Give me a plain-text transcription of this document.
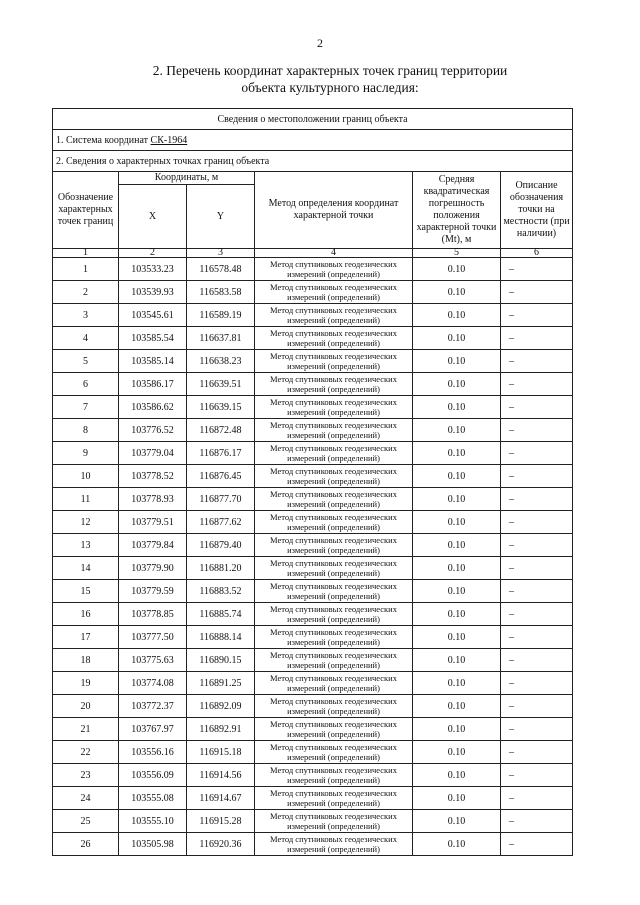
2
2. Перечень координат характерных точек границ территории
объекта культурного наследия:
Сведения о местоположении границ объекта					
1. Система координат СК-1964					
2. Сведения о характерных точках границ объекта					
Обозначение характерных точек границ	Координаты, м		Метод определения координат характерной точки	Средняя квадратическая погрешность положения характерной точки (Mt), м	Описание обозначения точки на местности (при наличии)
	X	Y			
1	2	3	4	5	6
1	103533.23	116578.48	Метод спутниковых геодезических измерений (определений)	0.10	–
2	103539.93	116583.58	Метод спутниковых геодезических измерений (определений)	0.10	–
3	103545.61	116589.19	Метод спутниковых геодезических измерений (определений)	0.10	–
4	103585.54	116637.81	Метод спутниковых геодезических измерений (определений)	0.10	–
5	103585.14	116638.23	Метод спутниковых геодезических измерений (определений)	0.10	–
6	103586.17	116639.51	Метод спутниковых геодезических измерений (определений)	0.10	–
7	103586.62	116639.15	Метод спутниковых геодезических измерений (определений)	0.10	–
8	103776.52	116872.48	Метод спутниковых геодезических измерений (определений)	0.10	–
9	103779.04	116876.17	Метод спутниковых геодезических измерений (определений)	0.10	–
10	103778.52	116876.45	Метод спутниковых геодезических измерений (определений)	0.10	–
11	103778.93	116877.70	Метод спутниковых геодезических измерений (определений)	0.10	–
12	103779.51	116877.62	Метод спутниковых геодезических измерений (определений)	0.10	–
13	103779.84	116879.40	Метод спутниковых геодезических измерений (определений)	0.10	–
14	103779.90	116881.20	Метод спутниковых геодезических измерений (определений)	0.10	–
15	103779.59	116883.52	Метод спутниковых геодезических измерений (определений)	0.10	–
16	103778.85	116885.74	Метод спутниковых геодезических измерений (определений)	0.10	–
17	103777.50	116888.14	Метод спутниковых геодезических измерений (определений)	0.10	–
18	103775.63	116890.15	Метод спутниковых геодезических измерений (определений)	0.10	–
19	103774.08	116891.25	Метод спутниковых геодезических измерений (определений)	0.10	–
20	103772.37	116892.09	Метод спутниковых геодезических измерений (определений)	0.10	–
21	103767.97	116892.91	Метод спутниковых геодезических измерений (определений)	0.10	–
22	103556.16	116915.18	Метод спутниковых геодезических измерений (определений)	0.10	–
23	103556.09	116914.56	Метод спутниковых геодезических измерений (определений)	0.10	–
24	103555.08	116914.67	Метод спутниковых геодезических измерений (определений)	0.10	–
25	103555.10	116915.28	Метод спутниковых геодезических измерений (определений)	0.10	–
26	103505.98	116920.36	Метод спутниковых геодезических измерений (определений)	0.10	–
